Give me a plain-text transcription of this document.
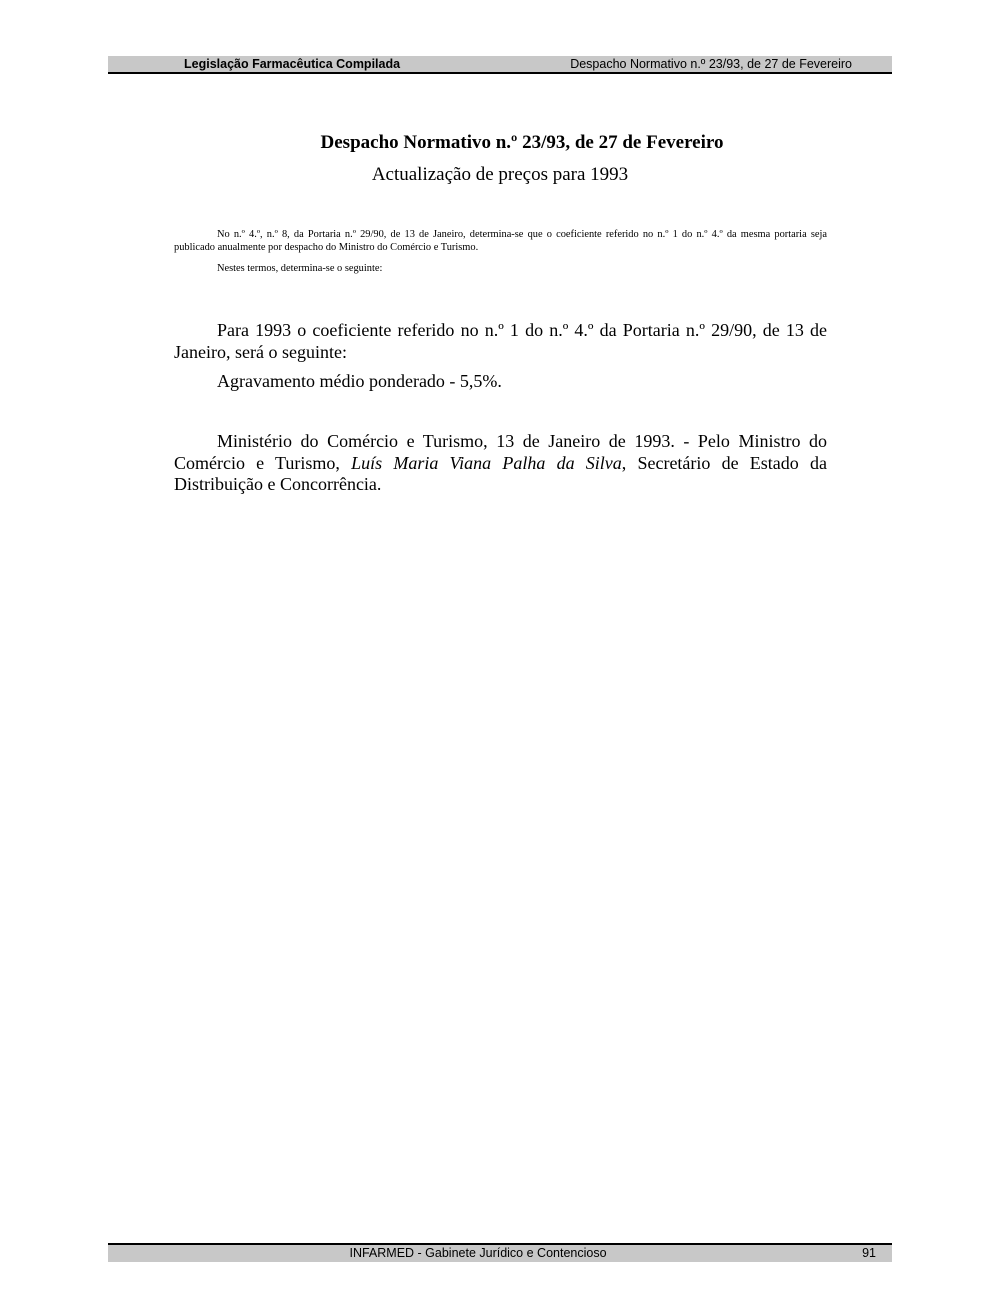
Legislação Farmacêutica Compilada	Despacho Normativo n.º 23/93, de 27 de Fevereiro
Despacho Normativo n.º 23/93, de 27 de Fevereiro
Actualização de preços para 1993

No n.º 4.º, n.º 8, da Portaria n.º 29/90, de 13 de Janeiro, determina-se que o coeficiente referido no n.º 1 do n.º 4.º da mesma portaria seja publicado anualmente por despacho do Ministro do Comércio e Turismo.

Nestes termos, determina-se o seguinte:

Para 1993 o coeficiente referido no n.º 1 do n.º 4.º da Portaria n.º 29/90, de 13 de Janeiro, será o seguinte:

Agravamento médio ponderado - 5,5%.

Ministério do Comércio e Turismo, 13 de Janeiro de 1993. - Pelo Ministro do Comércio e Turismo, Luís Maria Viana Palha da Silva, Secretário de Estado da Distribuição e Concorrência.

INFARMED - Gabinete Jurídico e Contencioso	91
